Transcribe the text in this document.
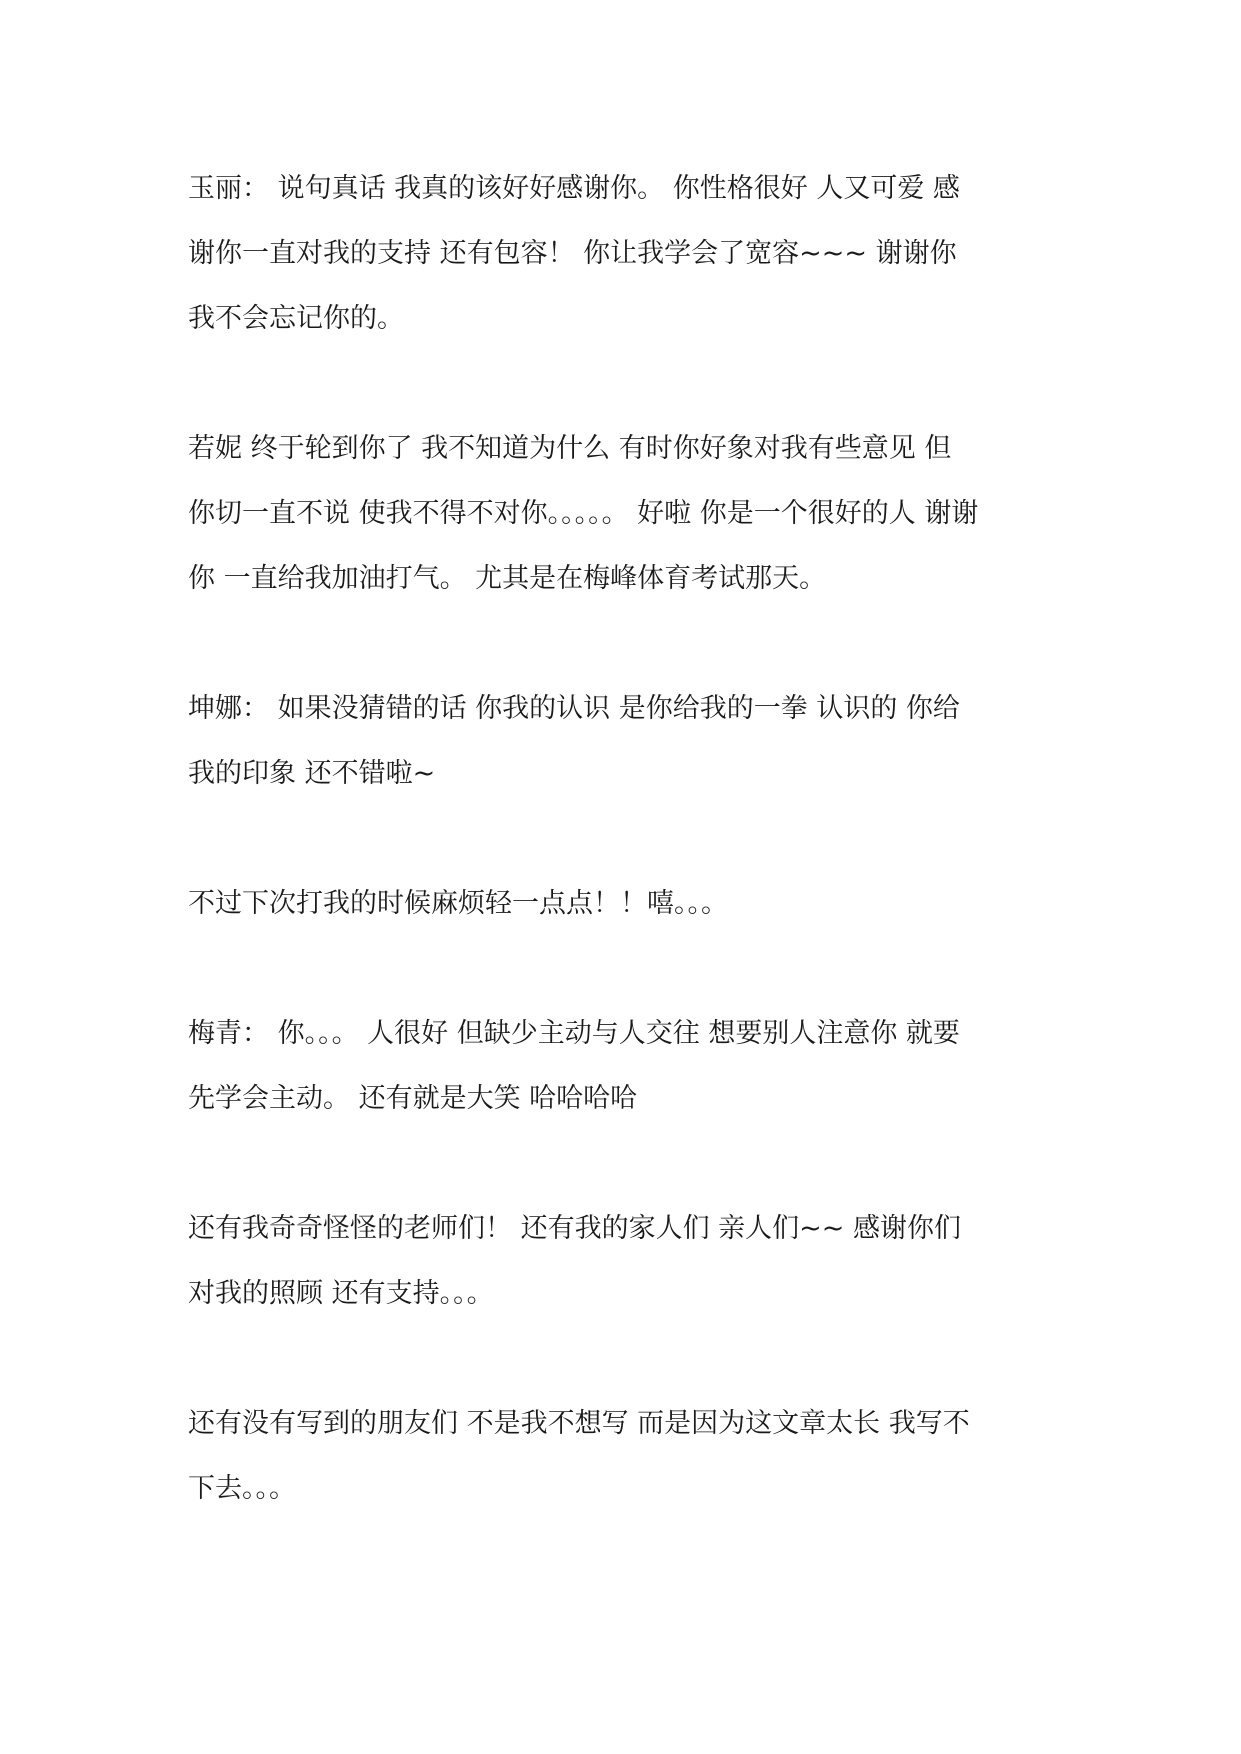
玉丽： 说句真话 我真的该好好感谢你。 你性格很好 人又可爱 感
谢你一直对我的支持 还有包容！ 你让我学会了宽容~~~ 谢谢你
我不会忘记你的。

若妮 终于轮到你了 我不知道为什么 有时你好象对我有些意见 但
你切一直不说 使我不得不对你。。。。。 好啦 你是一个很好的人 谢谢
你 一直给我加油打气。 尤其是在梅峰体育考试那天。

坤娜： 如果没猜错的话 你我的认识 是你给我的一拳 认识的 你给
我的印象 还不错啦~

不过下次打我的时候麻烦轻一点点！！嘻。。。

梅青： 你。。。 人很好 但缺少主动与人交往 想要别人注意你 就要
先学会主动。 还有就是大笑 哈哈哈哈

还有我奇奇怪怪的老师们！ 还有我的家人们 亲人们~~ 感谢你们
对我的照顾 还有支持。。。

还有没有写到的朋友们 不是我不想写 而是因为这文章太长 我写不
下去。。。
